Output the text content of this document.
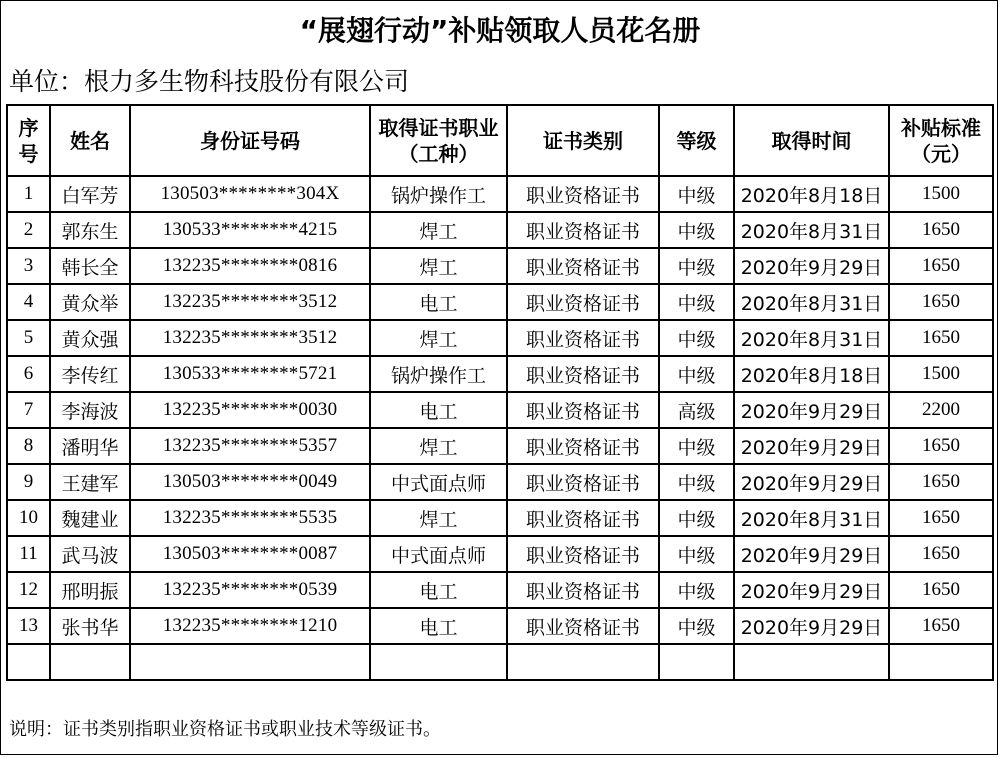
“展翅行动”补贴领取人员花名册
单位：根力多生物科技股份有限公司
序号	姓名	身份证号码	取得证书职业（工种）	证书类别	等级	取得时间	补贴标准（元）
1	白军芳	130503********304X	锅炉操作工	职业资格证书	中级	2020年8月18日	1500
2	郭东生	130533********4215	焊工	职业资格证书	中级	2020年8月31日	1650
3	韩长全	132235********0816	焊工	职业资格证书	中级	2020年9月29日	1650
4	黄众举	132235********3512	电工	职业资格证书	中级	2020年8月31日	1650
5	黄众强	132235********3512	焊工	职业资格证书	中级	2020年8月31日	1650
6	李传红	130533********5721	锅炉操作工	职业资格证书	中级	2020年8月18日	1500
7	李海波	132235********0030	电工	职业资格证书	高级	2020年9月29日	2200
8	潘明华	132235********5357	焊工	职业资格证书	中级	2020年9月29日	1650
9	王建军	130503********0049	中式面点师	职业资格证书	中级	2020年9月29日	1650
10	魏建业	132235********5535	焊工	职业资格证书	中级	2020年8月31日	1650
11	武马波	130503********0087	中式面点师	职业资格证书	中级	2020年9月29日	1650
12	邢明振	132235********0539	电工	职业资格证书	中级	2020年9月29日	1650
13	张书华	132235********1210	电工	职业资格证书	中级	2020年9月29日	1650

说明：证书类别指职业资格证书或职业技术等级证书。
